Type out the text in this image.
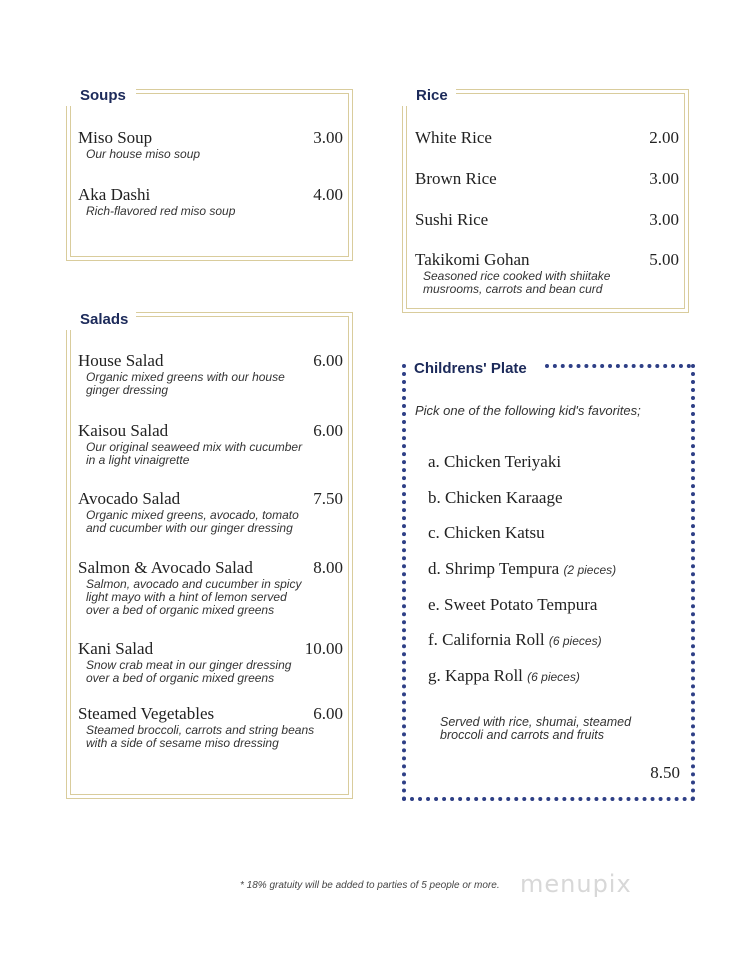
Soups
Miso Soup	3.00
Our house miso soup
Aka Dashi	4.00
Rich-flavored red miso soup
Rice
White Rice	2.00
Brown Rice	3.00
Sushi Rice	3.00
Takikomi Gohan	5.00
Seasoned rice cooked with shiitake
musrooms, carrots and bean curd
Salads
House Salad	6.00
Organic mixed greens with our house
ginger dressing
Kaisou Salad	6.00
Our original seaweed mix with cucumber
in a light vinaigrette
Avocado Salad	7.50
Organic mixed greens, avocado, tomato
and cucumber with our ginger dressing
Salmon & Avocado Salad	8.00
Salmon, avocado and cucumber in spicy
light mayo with a hint of lemon served
over a bed of organic mixed greens
Kani Salad	10.00
Snow crab meat in our ginger dressing
over a bed of organic mixed greens
Steamed Vegetables	6.00
Steamed broccoli, carrots and string beans
with a side of sesame miso dressing
Childrens' Plate
Pick one of the following kid's favorites;
a. Chicken Teriyaki
b. Chicken Karaage
c. Chicken Katsu
d. Shrimp Tempura (2 pieces)
e. Sweet Potato Tempura
f. California Roll (6 pieces)
g. Kappa Roll (6 pieces)
Served with rice, shumai, steamed
broccoli and carrots and fruits
8.50
* 18% gratuity will be added to parties of 5 people or more. menupix
